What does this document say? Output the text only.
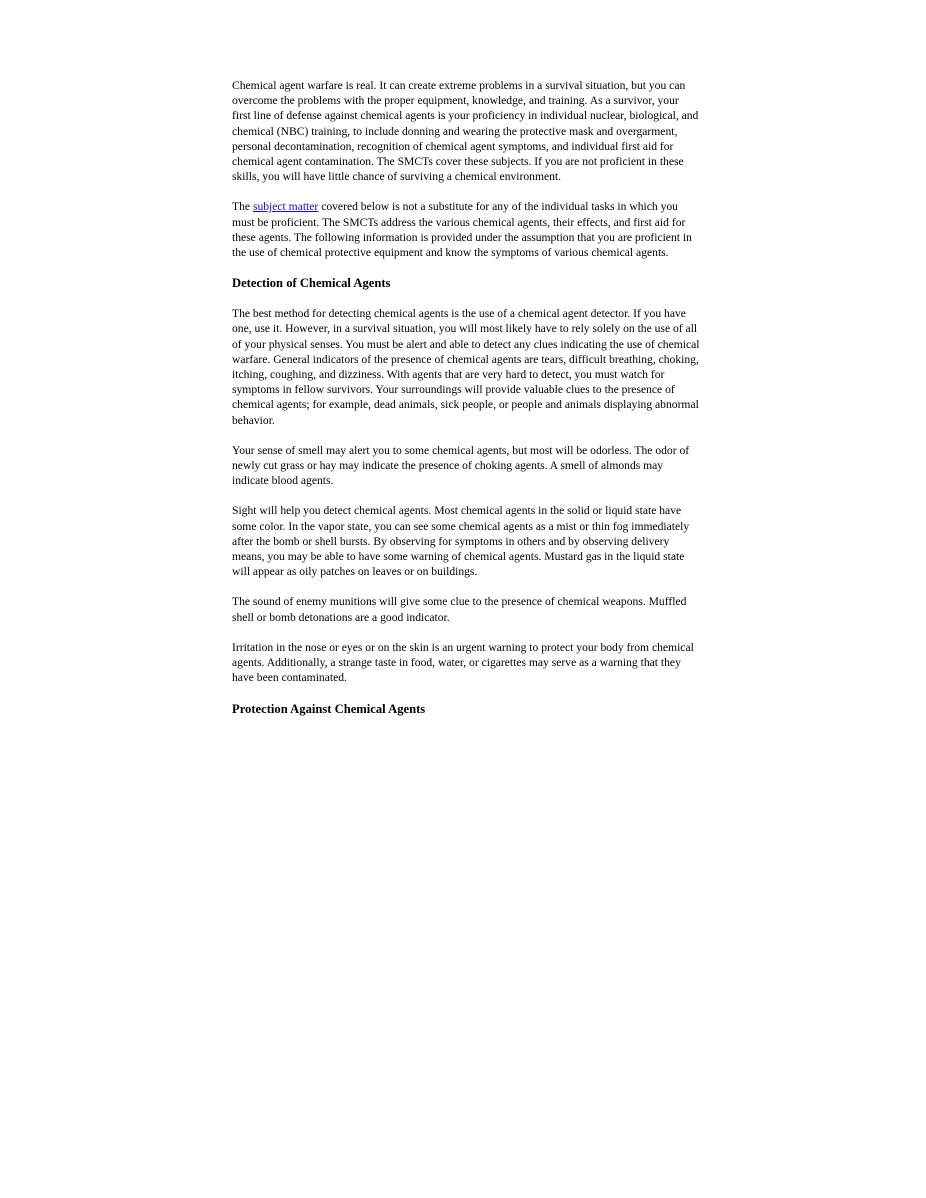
Chemical agent warfare is real. It can create extreme problems in a survival situation, but you can overcome the problems with the proper equipment, knowledge, and training. As a survivor, your first line of defense against chemical agents is your proficiency in individual nuclear, biological, and chemical (NBC) training, to include donning and wearing the protective mask and overgarment, personal decontamination, recognition of chemical agent symptoms, and individual first aid for chemical agent contamination. The SMCTs cover these subjects. If you are not proficient in these skills, you will have little chance of surviving a chemical environment.

The subject matter covered below is not a substitute for any of the individual tasks in which you must be proficient. The SMCTs address the various chemical agents, their effects, and first aid for these agents. The following information is provided under the assumption that you are proficient in the use of chemical protective equipment and know the symptoms of various chemical agents.

Detection of Chemical Agents

The best method for detecting chemical agents is the use of a chemical agent detector. If you have one, use it. However, in a survival situation, you will most likely have to rely solely on the use of all of your physical senses. You must be alert and able to detect any clues indicating the use of chemical warfare. General indicators of the presence of chemical agents are tears, difficult breathing, choking, itching, coughing, and dizziness. With agents that are very hard to detect, you must watch for symptoms in fellow survivors. Your surroundings will provide valuable clues to the presence of chemical agents; for example, dead animals, sick people, or people and animals displaying abnormal behavior.

Your sense of smell may alert you to some chemical agents, but most will be odorless. The odor of newly cut grass or hay may indicate the presence of choking agents. A smell of almonds may indicate blood agents.

Sight will help you detect chemical agents. Most chemical agents in the solid or liquid state have some color. In the vapor state, you can see some chemical agents as a mist or thin fog immediately after the bomb or shell bursts. By observing for symptoms in others and by observing delivery means, you may be able to have some warning of chemical agents. Mustard gas in the liquid state will appear as oily patches on leaves or on buildings.

The sound of enemy munitions will give some clue to the presence of chemical weapons. Muffled shell or bomb detonations are a good indicator.

Irritation in the nose or eyes or on the skin is an urgent warning to protect your body from chemical agents. Additionally, a strange taste in food, water, or cigarettes may serve as a warning that they have been contaminated.

Protection Against Chemical Agents
